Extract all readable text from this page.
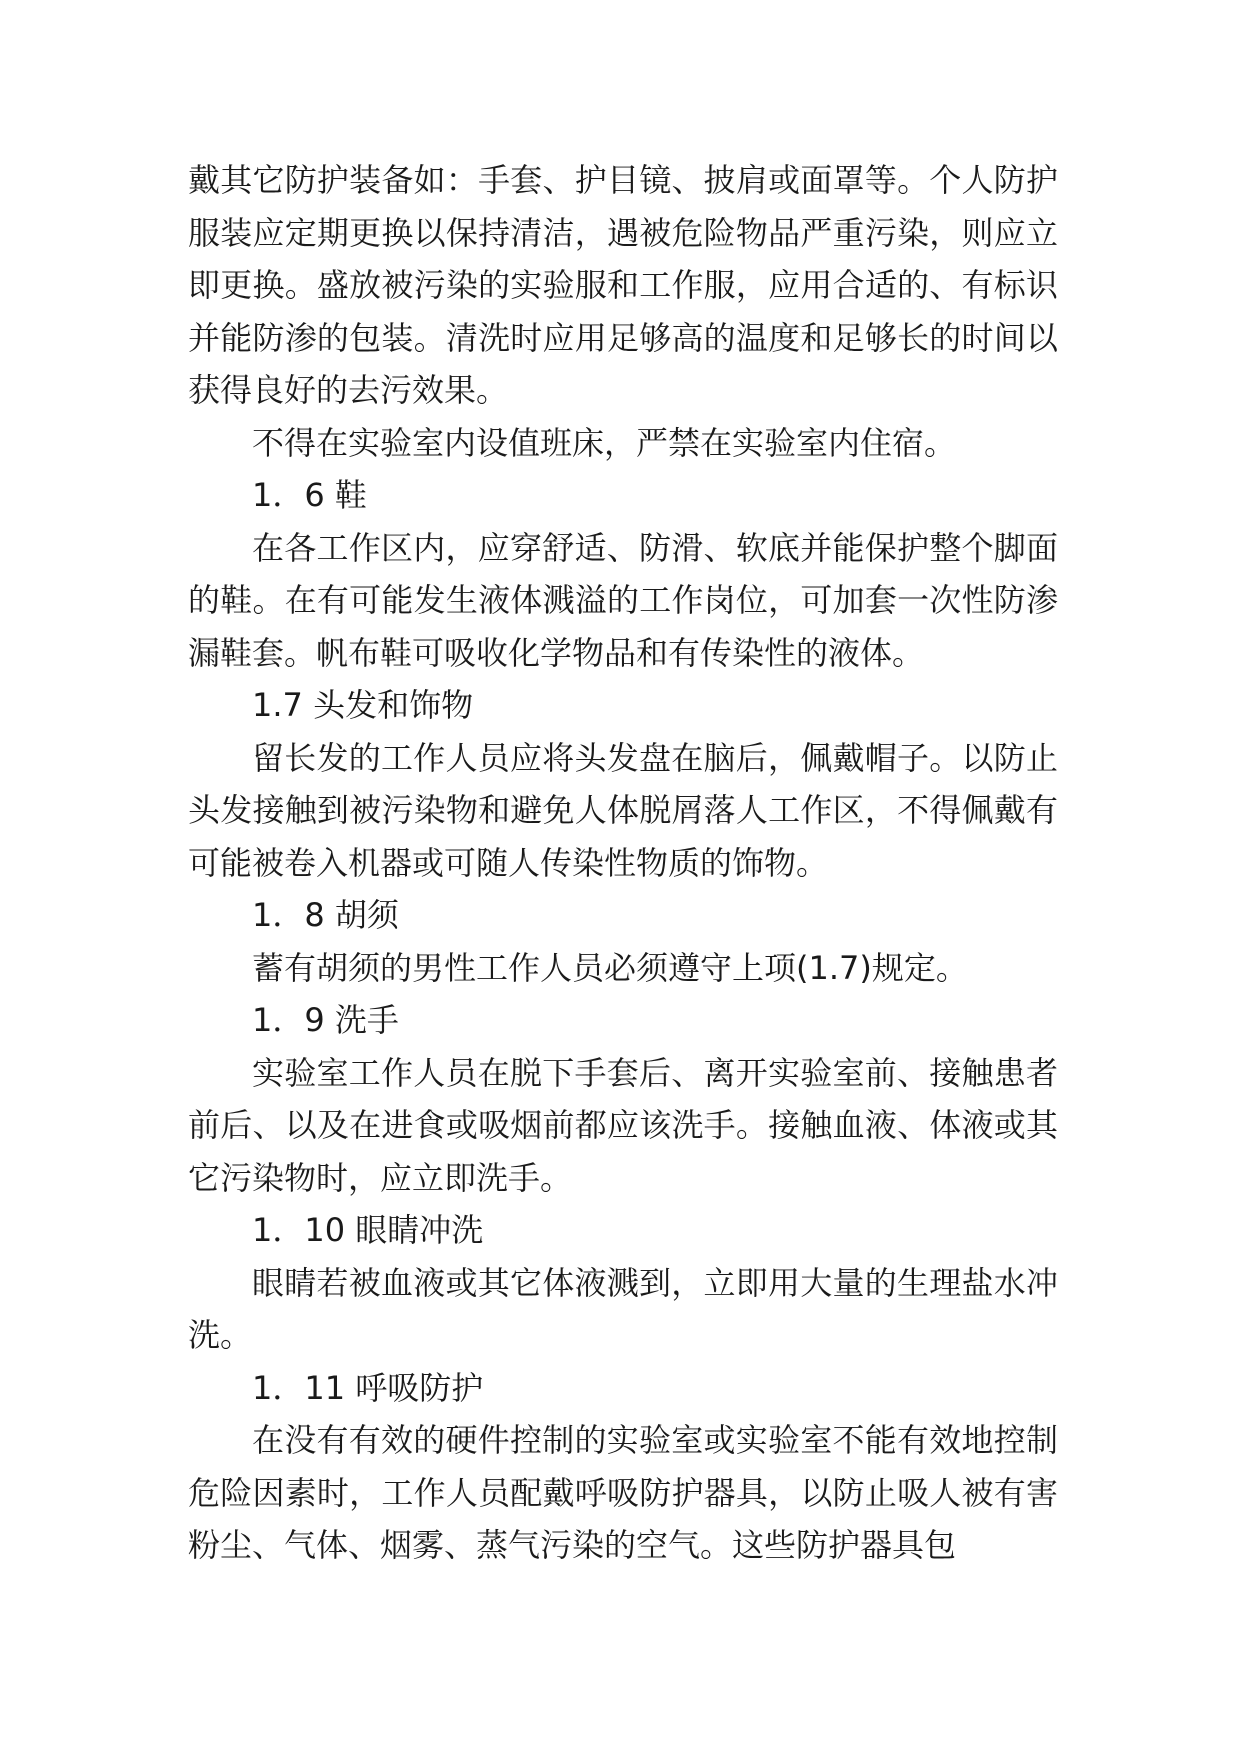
戴其它防护装备如：手套、护目镜、披肩或面罩等。个人防护服装应定期更换以保持清洁，遇被危险物品严重污染，则应立即更换。盛放被污染的实验服和工作服，应用合适的、有标识并能防渗的包装。清洗时应用足够高的温度和足够长的时间以获得良好的去污效果。

不得在实验室内设值班床，严禁在实验室内住宿。

1．6 鞋

在各工作区内，应穿舒适、防滑、软底并能保护整个脚面的鞋。在有可能发生液体溅溢的工作岗位，可加套一次性防渗漏鞋套。帆布鞋可吸收化学物品和有传染性的液体。

1.7 头发和饰物

留长发的工作人员应将头发盘在脑后，佩戴帽子。以防止头发接触到被污染物和避免人体脱屑落人工作区，不得佩戴有可能被卷入机器或可随人传染性物质的饰物。

1．8 胡须

蓄有胡须的男性工作人员必须遵守上项(1.7)规定。

1．9 洗手

实验室工作人员在脱下手套后、离开实验室前、接触患者前后、以及在进食或吸烟前都应该洗手。接触血液、体液或其它污染物时，应立即洗手。

1．10 眼睛冲洗

眼睛若被血液或其它体液溅到，立即用大量的生理盐水冲洗。

1．11 呼吸防护

在没有有效的硬件控制的实验室或实验室不能有效地控制危险因素时，工作人员配戴呼吸防护器具，以防止吸人被有害粉尘、气体、烟雾、蒸气污染的空气。这些防护器具包
